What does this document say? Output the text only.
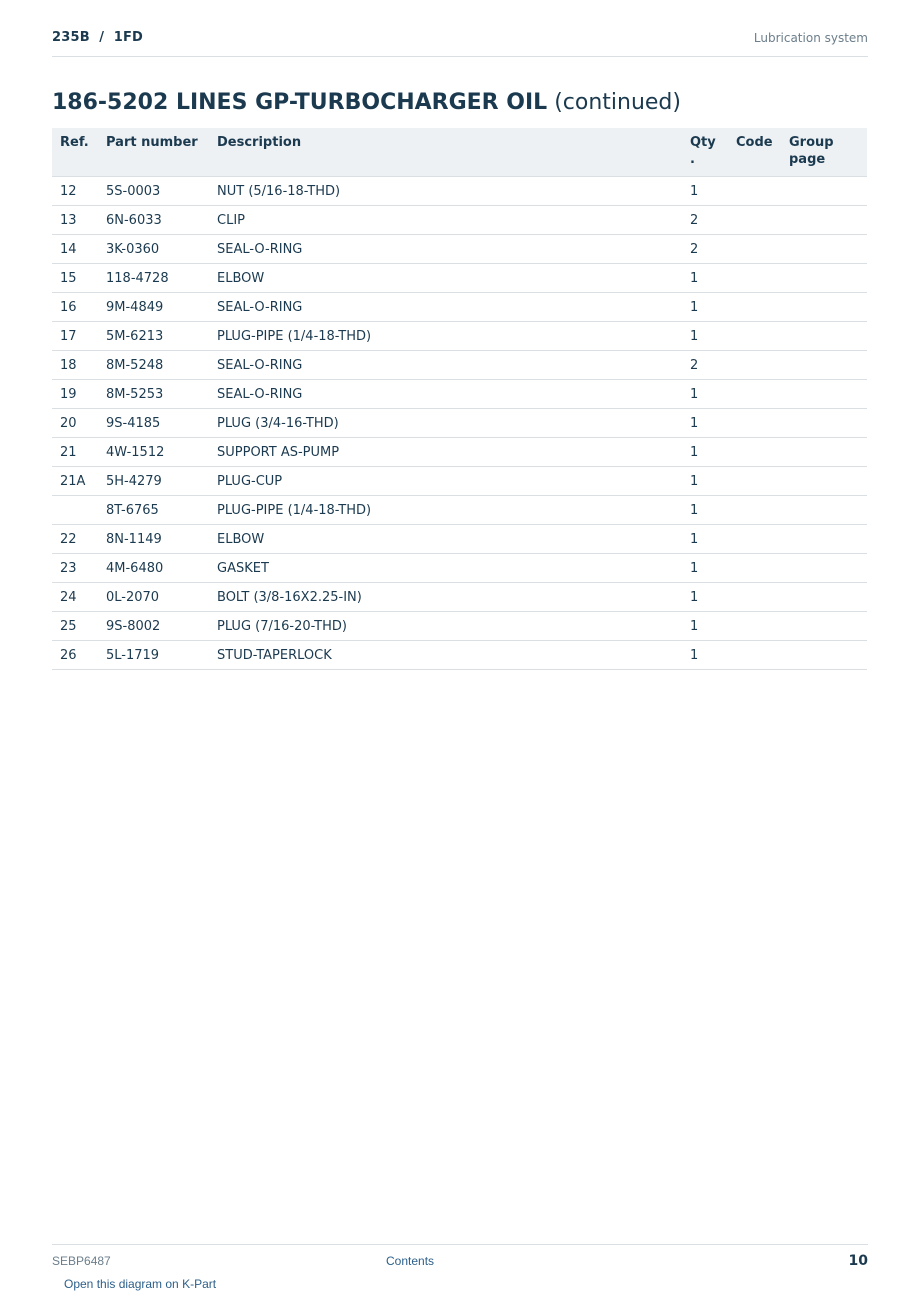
235B  /  1FD	Lubrication system
186-5202 LINES GP-TURBOCHARGER OIL (continued)
Ref.	Part number	Description	Qty .	Code	Group page
12	5S-0003	NUT (5/16-18-THD)	1		
13	6N-6033	CLIP	2		
14	3K-0360	SEAL-O-RING	2		
15	118-4728	ELBOW	1		
16	9M-4849	SEAL-O-RING	1		
17	5M-6213	PLUG-PIPE (1/4-18-THD)	1		
18	8M-5248	SEAL-O-RING	2		
19	8M-5253	SEAL-O-RING	1		
20	9S-4185	PLUG (3/4-16-THD)	1		
21	4W-1512	SUPPORT AS-PUMP	1		
21A	5H-4279	PLUG-CUP	1		
	8T-6765	PLUG-PIPE (1/4-18-THD)	1		
22	8N-1149	ELBOW	1		
23	4M-6480	GASKET	1		
24	0L-2070	BOLT (3/8-16X2.25-IN)	1		
25	9S-8002	PLUG (7/16-20-THD)	1		
26	5L-1719	STUD-TAPERLOCK	1		
SEBP6487	Contents	10
Open this diagram on K-Part
